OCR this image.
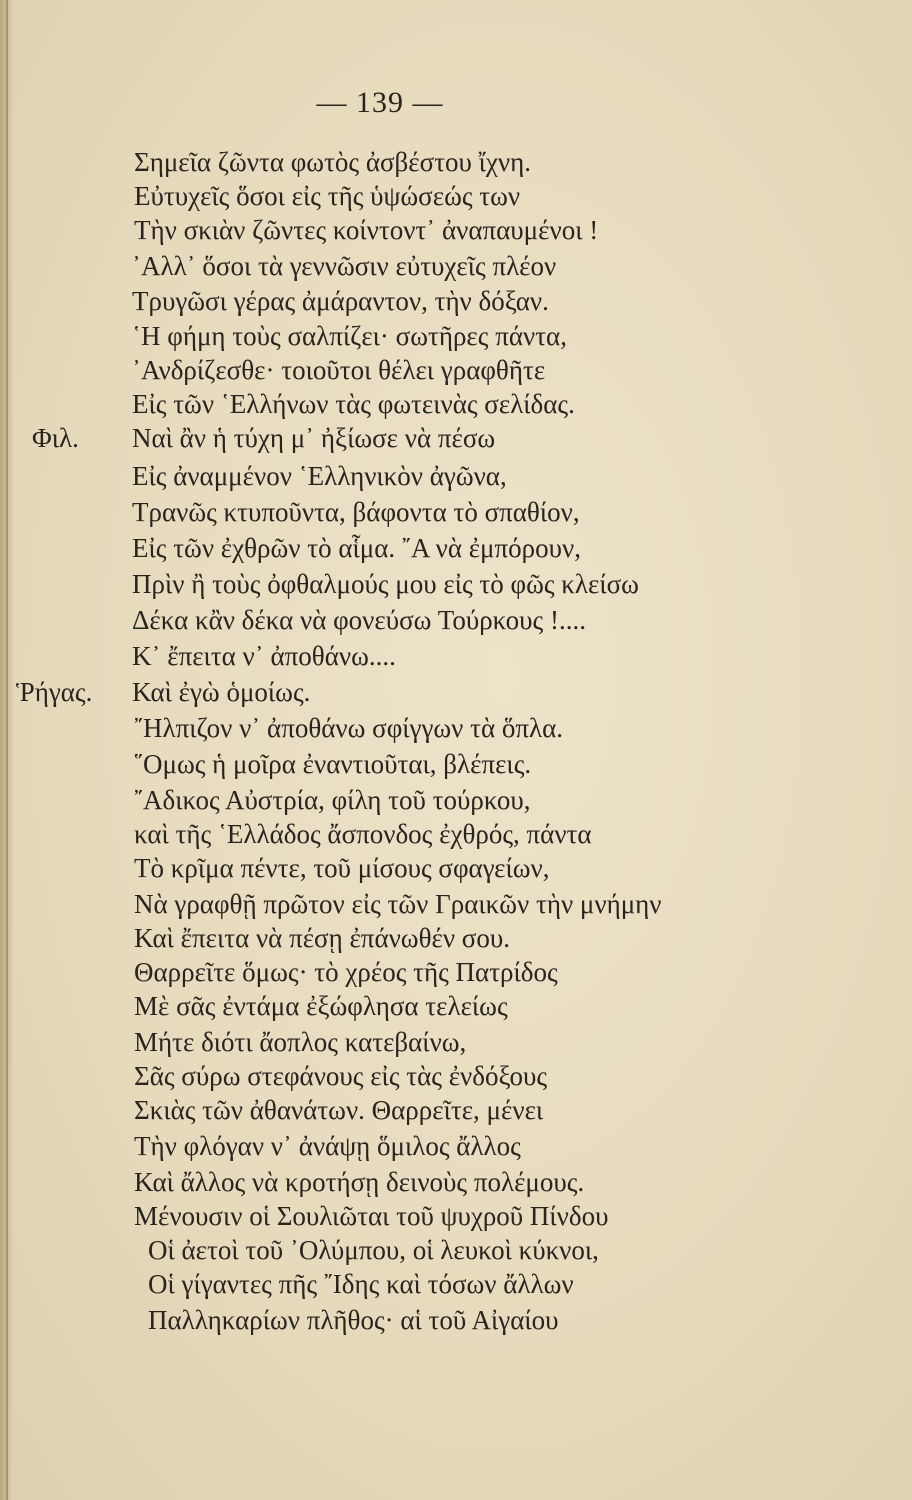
— 139 —
Φιλ.
Ῥήγας.
Σημεῖα ζῶντα φωτὸς ἀσβέστου ἴχνη.
Εὐτυχεῖς ὅσοι εἰς τῆς ὑψώσεώς των
Τὴν σκιὰν ζῶντες κοίντοντ᾽ ἀναπαυμένοι !
᾿Αλλ᾽ ὅσοι τὰ γεννῶσιν εὐτυχεῖς πλέον
Τρυγῶσι γέρας ἀμάραντον, τὴν δόξαν.
῾Η φήμη τοὺς σαλπίζει· σωτῆρες πάντα,
᾿Ανδρίζεσθε· τοιοῦτοι θέλει γραφθῆτε
Εἰς τῶν ῾Ελλήνων τὰς φωτεινὰς σελίδας.
Ναὶ ἂν ἡ τύχη μ᾽ ἠξίωσε νὰ πέσω
Εἰς ἀναμμένον ῾Ελληνικὸν ἀγῶνα,
Τρανῶς κτυποῦντα, βάφοντα τὸ σπαθίον,
Εἰς τῶν ἐχθρῶν τὸ αἷμα. ῎Α νὰ ἐμπόρουν,
Πρὶν ἢ τοὺς ὀφθαλμούς μου εἰς τὸ φῶς κλείσω
Δέκα κἂν δέκα νὰ φονεύσω Τούρκους !....
Κ᾽ ἔπειτα ν᾽ ἀποθάνω....
Καὶ ἐγὼ ὁμοίως.
῎Ηλπιζον ν᾽ ἀποθάνω σφίγγων τὰ ὅπλα.
῞Ομως ἡ μοῖρα ἐναντιοῦται, βλέπεις.
῎Αδικος Αὐστρία, φίλη τοῦ τούρκου,
καὶ τῆς ῾Ελλάδος ἄσπονδος ἐχθρός, πάντα
Τὸ κρῖμα πέντε, τοῦ μίσους σφαγείων,
Νὰ γραφθῇ πρῶτον εἰς τῶν Γραικῶν τὴν μνήμην
Καὶ ἔπειτα νὰ πέσῃ ἐπάνωθέν σου.
Θαρρεῖτε ὅμως· τὸ χρέος τῆς Πατρίδος
Μὲ σᾶς ἐντάμα ἐξώφλησα τελείως
Μήτε διότι ἄοπλος κατεβαίνω,
Σᾶς σύρω στεφάνους εἰς τὰς ἐνδόξους
Σκιὰς τῶν ἀθανάτων. Θαρρεῖτε, μένει
Τὴν φλόγαν ν᾽ ἀνάψῃ ὅμιλος ἄλλος
Καὶ ἄλλος νὰ κροτήσῃ δεινοὺς πολέμους.
Μένουσιν οἱ Σουλιῶται τοῦ ψυχροῦ Πίνδου
Οἱ ἀετοὶ τοῦ ᾿Ολύμπου, οἱ λευκοὶ κύκνοι,
Οἱ γίγαντες πῆς ῎Ιδης καὶ τόσων ἄλλων
Παλληκαρίων πλῆθος· αἱ τοῦ Αἰγαίου
